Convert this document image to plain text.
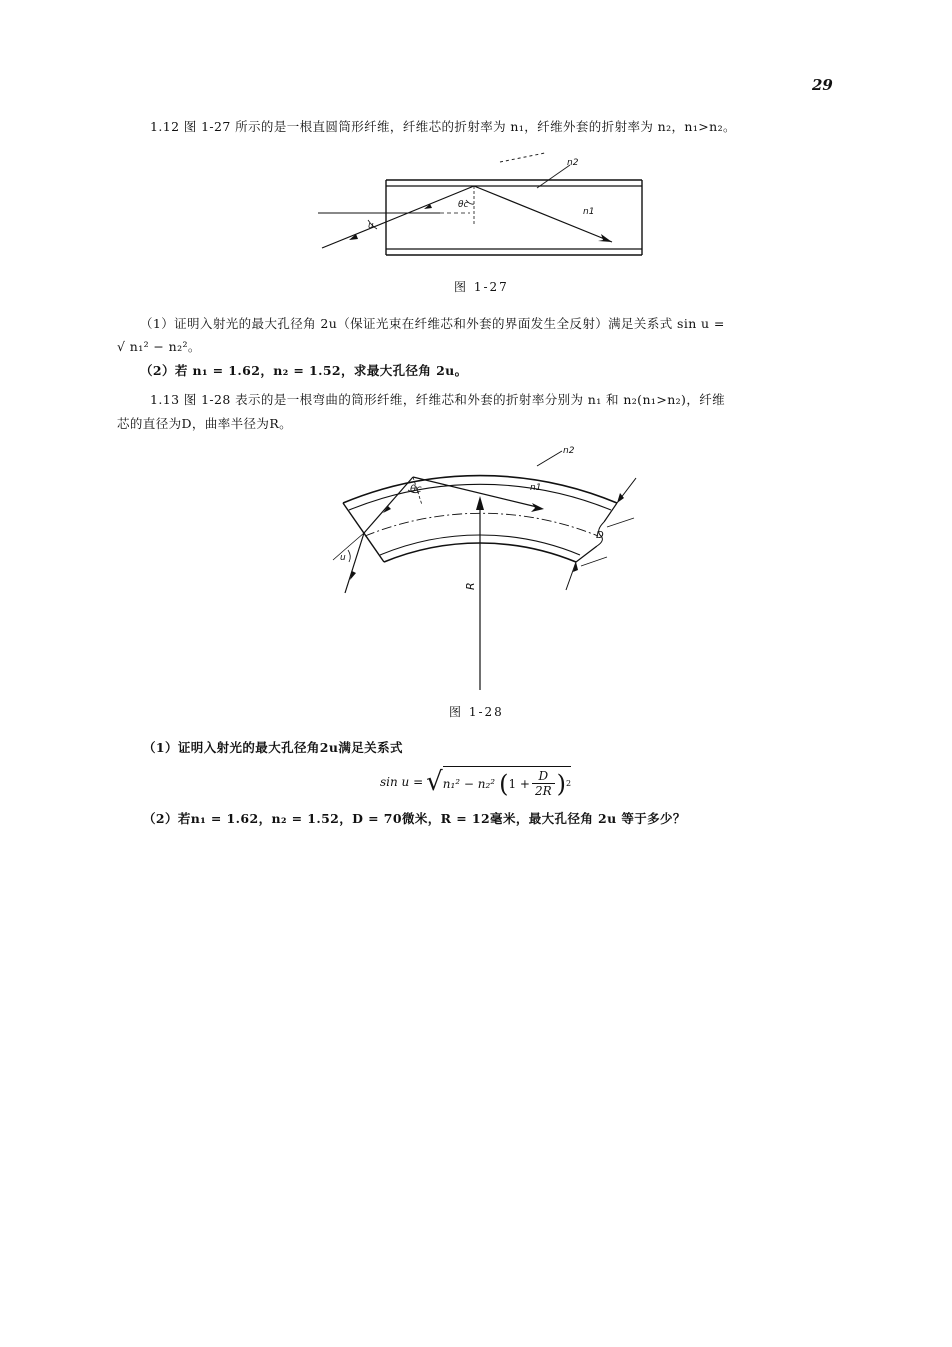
29
1.12 图 1-27 所示的是一根直圆筒形纤维，纤维芯的折射率为 n₁，纤维外套的折射率为 n₂，n₁>n₂。
n2
θc
u
n1
图 1-27
（1）证明入射光的最大孔径角 2u（保证光束在纤维芯和外套的界面发生全反射）满足关系式 sin u =
√ n₁² − n₂²。
（2）若 n₁ = 1.62，n₂ = 1.52，求最大孔径角 2u。
1.13 图 1-28 表示的是一根弯曲的筒形纤维，纤维芯和外套的折射率分别为 n₁ 和 n₂(n₁>n₂)，纤维
芯的直径为D，曲率半径为R。
n2
n1
θc
u
R
D
图 1-28
（1）证明入射光的最大孔径角2u满足关系式
sin u = √ n₁² − n₂² ( $1 + \frac{D}{2R}$ ) 2
（2）若n₁ = 1.62，n₂ = 1.52，D = 70微米，R = 12毫米，最大孔径角 2u 等于多少？
